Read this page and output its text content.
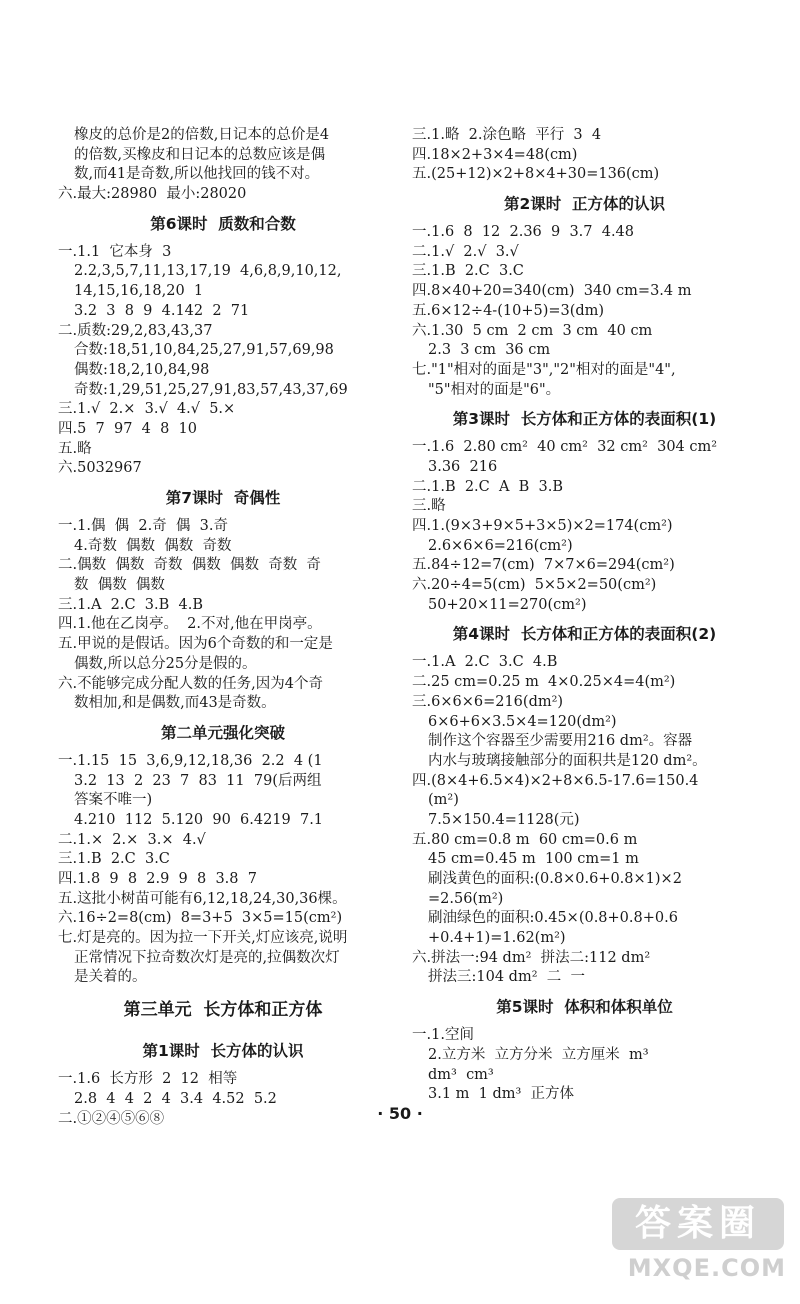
橡皮的总价是2的倍数,日记本的总价是4
的倍数,买橡皮和日记本的总数应该是偶
数,而41是奇数,所以他找回的钱不对。
六.最大:28980  最小:28020
第6课时  质数和合数
一.1.1  它本身  3
2.2,3,5,7,11,13,17,19  4,6,8,9,10,12,
14,15,16,18,20  1
3.2  3  8  9  4.142  2  71
二.质数:29,2,83,43,37
合数:18,51,10,84,25,27,91,57,69,98
偶数:18,2,10,84,98
奇数:1,29,51,25,27,91,83,57,43,37,69
三.1.√  2.×  3.√  4.√  5.×
四.5  7  97  4  8  10
五.略
六.5032967
第7课时  奇偶性
一.1.偶  偶  2.奇  偶  3.奇
4.奇数  偶数  偶数  奇数
二.偶数  偶数  奇数  偶数  偶数  奇数  奇
数  偶数  偶数
三.1.A  2.C  3.B  4.B
四.1.他在乙岗亭。  2.不对,他在甲岗亭。
五.甲说的是假话。因为6个奇数的和一定是
偶数,所以总分25分是假的。
六.不能够完成分配人数的任务,因为4个奇
数相加,和是偶数,而43是奇数。
第二单元强化突破
一.1.15  15  3,6,9,12,18,36  2.2  4 (1
3.2  13  2  23  7  83  11  79(后两组
答案不唯一)
4.210  112  5.120  90  6.4219  7.1
二.1.×  2.×  3.×  4.√
三.1.B  2.C  3.C
四.1.8  9  8  2.9  9  8  3.8  7
五.这批小树苗可能有6,12,18,24,30,36棵。
六.16÷2=8(cm)  8=3+5  3×5=15(cm²)
七.灯是亮的。因为拉一下开关,灯应该亮,说明
正常情况下拉奇数次灯是亮的,拉偶数次灯
是关着的。
第三单元  长方体和正方体
第1课时  长方体的认识
一.1.6  长方形  2  12  相等
2.8  4  4  2  4  3.4  4.52  5.2
二.①②④⑤⑥⑧
三.1.略  2.涂色略  平行  3  4
四.18×2+3×4=48(cm)
五.(25+12)×2+8×4+30=136(cm)
第2课时  正方体的认识
一.1.6  8  12  2.36  9  3.7  4.48
二.1.√  2.√  3.√
三.1.B  2.C  3.C
四.8×40+20=340(cm)  340 cm=3.4 m
五.6×12÷4-(10+5)=3(dm)
六.1.30  5 cm  2 cm  3 cm  40 cm
2.3  3 cm  36 cm
七."1"相对的面是"3","2"相对的面是"4",
"5"相对的面是"6"。
第3课时  长方体和正方体的表面积(1)
一.1.6  2.80 cm²  40 cm²  32 cm²  304 cm²
3.36  216
二.1.B  2.C  A  B  3.B
三.略
四.1.(9×3+9×5+3×5)×2=174(cm²)
2.6×6×6=216(cm²)
五.84÷12=7(cm)  7×7×6=294(cm²)
六.20÷4=5(cm)  5×5×2=50(cm²)
50+20×11=270(cm²)
第4课时  长方体和正方体的表面积(2)
一.1.A  2.C  3.C  4.B
二.25 cm=0.25 m  4×0.25×4=4(m²)
三.6×6×6=216(dm²)
6×6+6×3.5×4=120(dm²)
制作这个容器至少需要用216 dm²。容器
内水与玻璃接触部分的面积共是120 dm²。
四.(8×4+6.5×4)×2+8×6.5-17.6=150.4
(m²)
7.5×150.4=1128(元)
五.80 cm=0.8 m  60 cm=0.6 m
45 cm=0.45 m  100 cm=1 m
刷浅黄色的面积:(0.8×0.6+0.8×1)×2
=2.56(m²)
刷油绿色的面积:0.45×(0.8+0.8+0.6
+0.4+1)=1.62(m²)
六.拼法一:94 dm²  拼法二:112 dm²
拼法三:104 dm²  二  一
第5课时  体积和体积单位
一.1.空间
2.立方米  立方分米  立方厘米  m³
dm³  cm³
3.1 m  1 dm³  正方体
· 50 ·
答案圈
MXQE.COM
